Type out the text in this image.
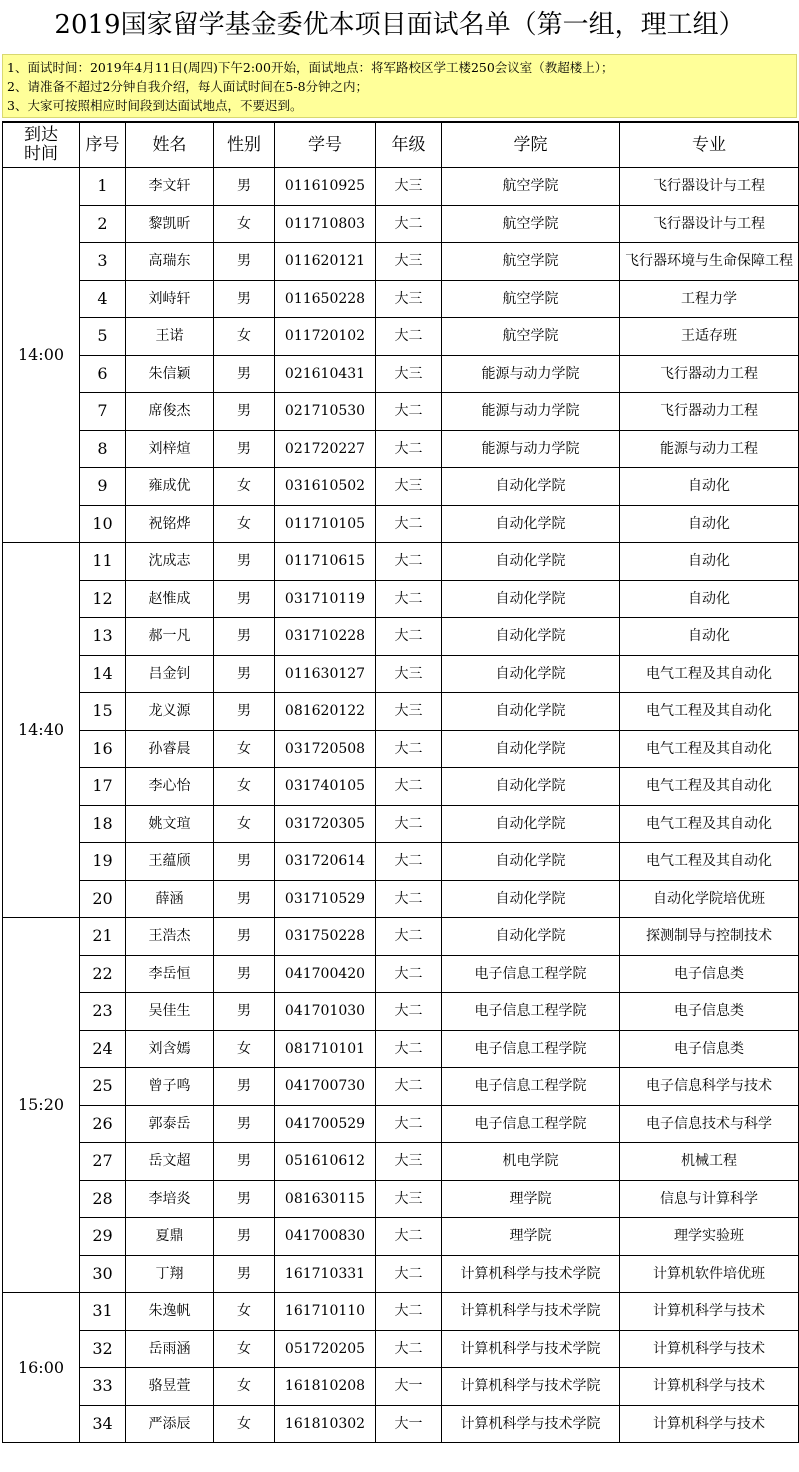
2019国家留学基金委优本项目面试名单（第一组，理工组）
1、面试时间：2019年4月11日(周四)下午2:00开始，面试地点：将军路校区学工楼250会议室（教超楼上）；
2、请准备不超过2分钟自我介绍，每人面试时间在5-8分钟之内；
3、大家可按照相应时间段到达面试地点，不要迟到。
到达时间	序号	姓名	性别	学号	年级	学院	专业
14:00	1	李文轩	男	011610925	大三	航空学院	飞行器设计与工程
	2	黎凯昕	女	011710803	大二	航空学院	飞行器设计与工程
	3	高瑞东	男	011620121	大三	航空学院	飞行器环境与生命保障工程
	4	刘峙轩	男	011650228	大三	航空学院	工程力学
	5	王诺	女	011720102	大二	航空学院	王适存班
	6	朱信颖	男	021610431	大三	能源与动力学院	飞行器动力工程
	7	席俊杰	男	021710530	大二	能源与动力学院	飞行器动力工程
	8	刘梓煊	男	021720227	大二	能源与动力学院	能源与动力工程
	9	雍成优	女	031610502	大三	自动化学院	自动化
	10	祝铭烨	女	011710105	大二	自动化学院	自动化
14:40	11	沈成志	男	011710615	大二	自动化学院	自动化
	12	赵惟成	男	031710119	大二	自动化学院	自动化
	13	郝一凡	男	031710228	大二	自动化学院	自动化
	14	吕金钊	男	011630127	大三	自动化学院	电气工程及其自动化
	15	龙义源	男	081620122	大三	自动化学院	电气工程及其自动化
	16	孙睿晨	女	031720508	大二	自动化学院	电气工程及其自动化
	17	李心怡	女	031740105	大二	自动化学院	电气工程及其自动化
	18	姚文瑄	女	031720305	大二	自动化学院	电气工程及其自动化
	19	王蕴颀	男	031720614	大二	自动化学院	电气工程及其自动化
	20	薛涵	男	031710529	大二	自动化学院	自动化学院培优班
15:20	21	王浩杰	男	031750228	大二	自动化学院	探测制导与控制技术
	22	李岳恒	男	041700420	大二	电子信息工程学院	电子信息类
	23	吴佳生	男	041701030	大二	电子信息工程学院	电子信息类
	24	刘含嫣	女	081710101	大二	电子信息工程学院	电子信息类
	25	曾子鸣	男	041700730	大二	电子信息工程学院	电子信息科学与技术
	26	郭泰岳	男	041700529	大二	电子信息工程学院	电子信息技术与科学
	27	岳文超	男	051610612	大三	机电学院	机械工程
	28	李培炎	男	081630115	大三	理学院	信息与计算科学
	29	夏鼎	男	041700830	大二	理学院	理学实验班
	30	丁翔	男	161710331	大二	计算机科学与技术学院	计算机软件培优班
16:00	31	朱逸帆	女	161710110	大二	计算机科学与技术学院	计算机科学与技术
	32	岳雨涵	女	051720205	大二	计算机科学与技术学院	计算机科学与技术
	33	骆昱萱	女	161810208	大一	计算机科学与技术学院	计算机科学与技术
	34	严添辰	女	161810302	大一	计算机科学与技术学院	计算机科学与技术
